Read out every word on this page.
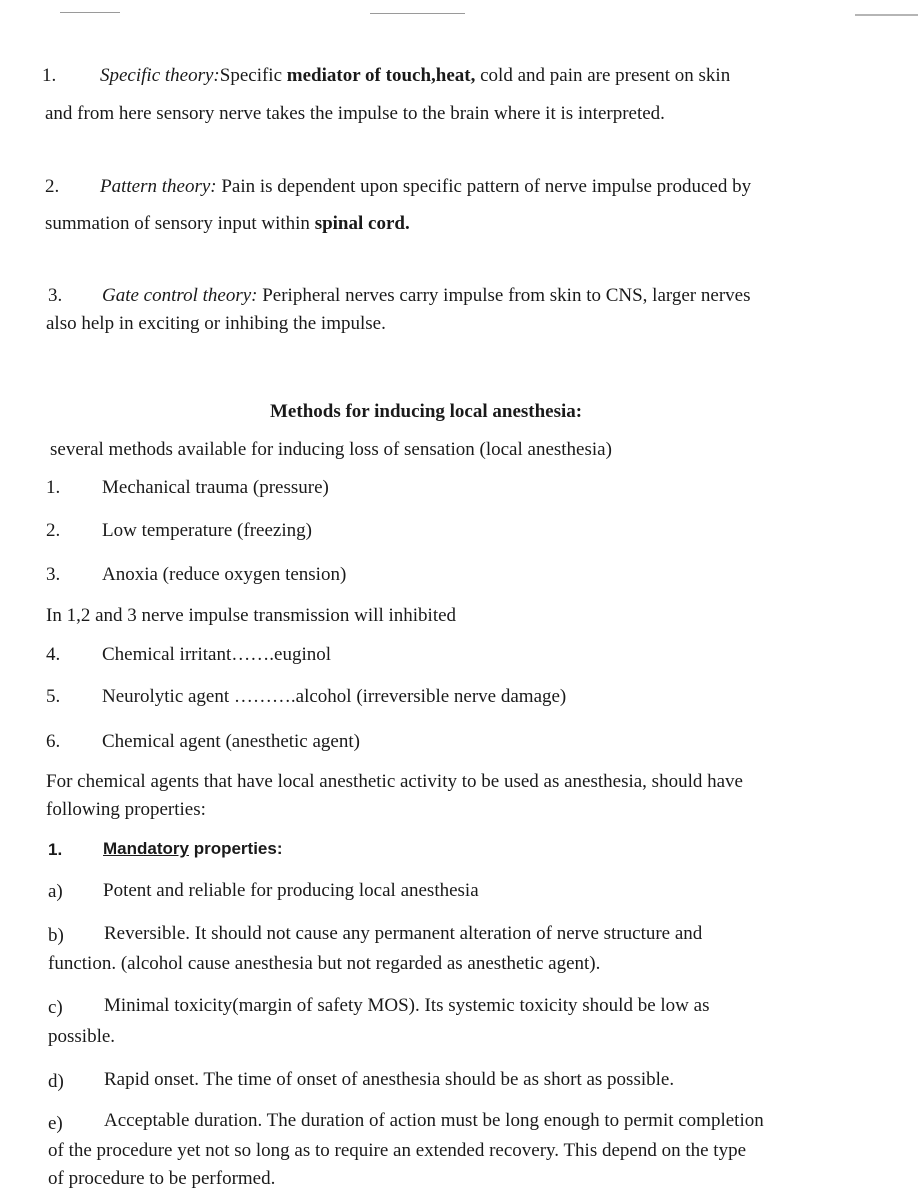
1. Specific theory:Specific mediator of touch,heat, cold and pain are present on skin
and from here sensory nerve takes the impulse to the brain where it is interpreted.
2. Pattern theory: Pain is dependent upon specific pattern of nerve impulse produced by
summation of sensory input within spinal cord.
3. Gate control theory: Peripheral nerves carry impulse from skin to CNS, larger nerves
also help in exciting or inhibing the impulse.
Methods for inducing local anesthesia:
several methods available for inducing loss of sensation (local anesthesia)
1. Mechanical trauma (pressure)
2. Low temperature (freezing)
3. Anoxia (reduce oxygen tension)
In 1,2 and 3 nerve impulse transmission will inhibited
4. Chemical irritant…….euginol
5. Neurolytic agent ……….alcohol (irreversible nerve damage)
6. Chemical agent (anesthetic agent)
For chemical agents that have local anesthetic activity to be used as anesthesia, should have
following properties:
1. Mandatory properties:
a) Potent and reliable for producing local anesthesia
b) Reversible. It should not cause any permanent alteration of nerve structure and
function. (alcohol cause anesthesia but not regarded as anesthetic agent).
c) Minimal toxicity(margin of safety MOS). Its systemic toxicity should be low as
possible.
d) Rapid onset. The time of onset of anesthesia should be as short as possible.
e) Acceptable duration. The duration of action must be long enough to permit completion
of the procedure yet not so long as to require an extended recovery. This depend on the type
of procedure to be performed.
